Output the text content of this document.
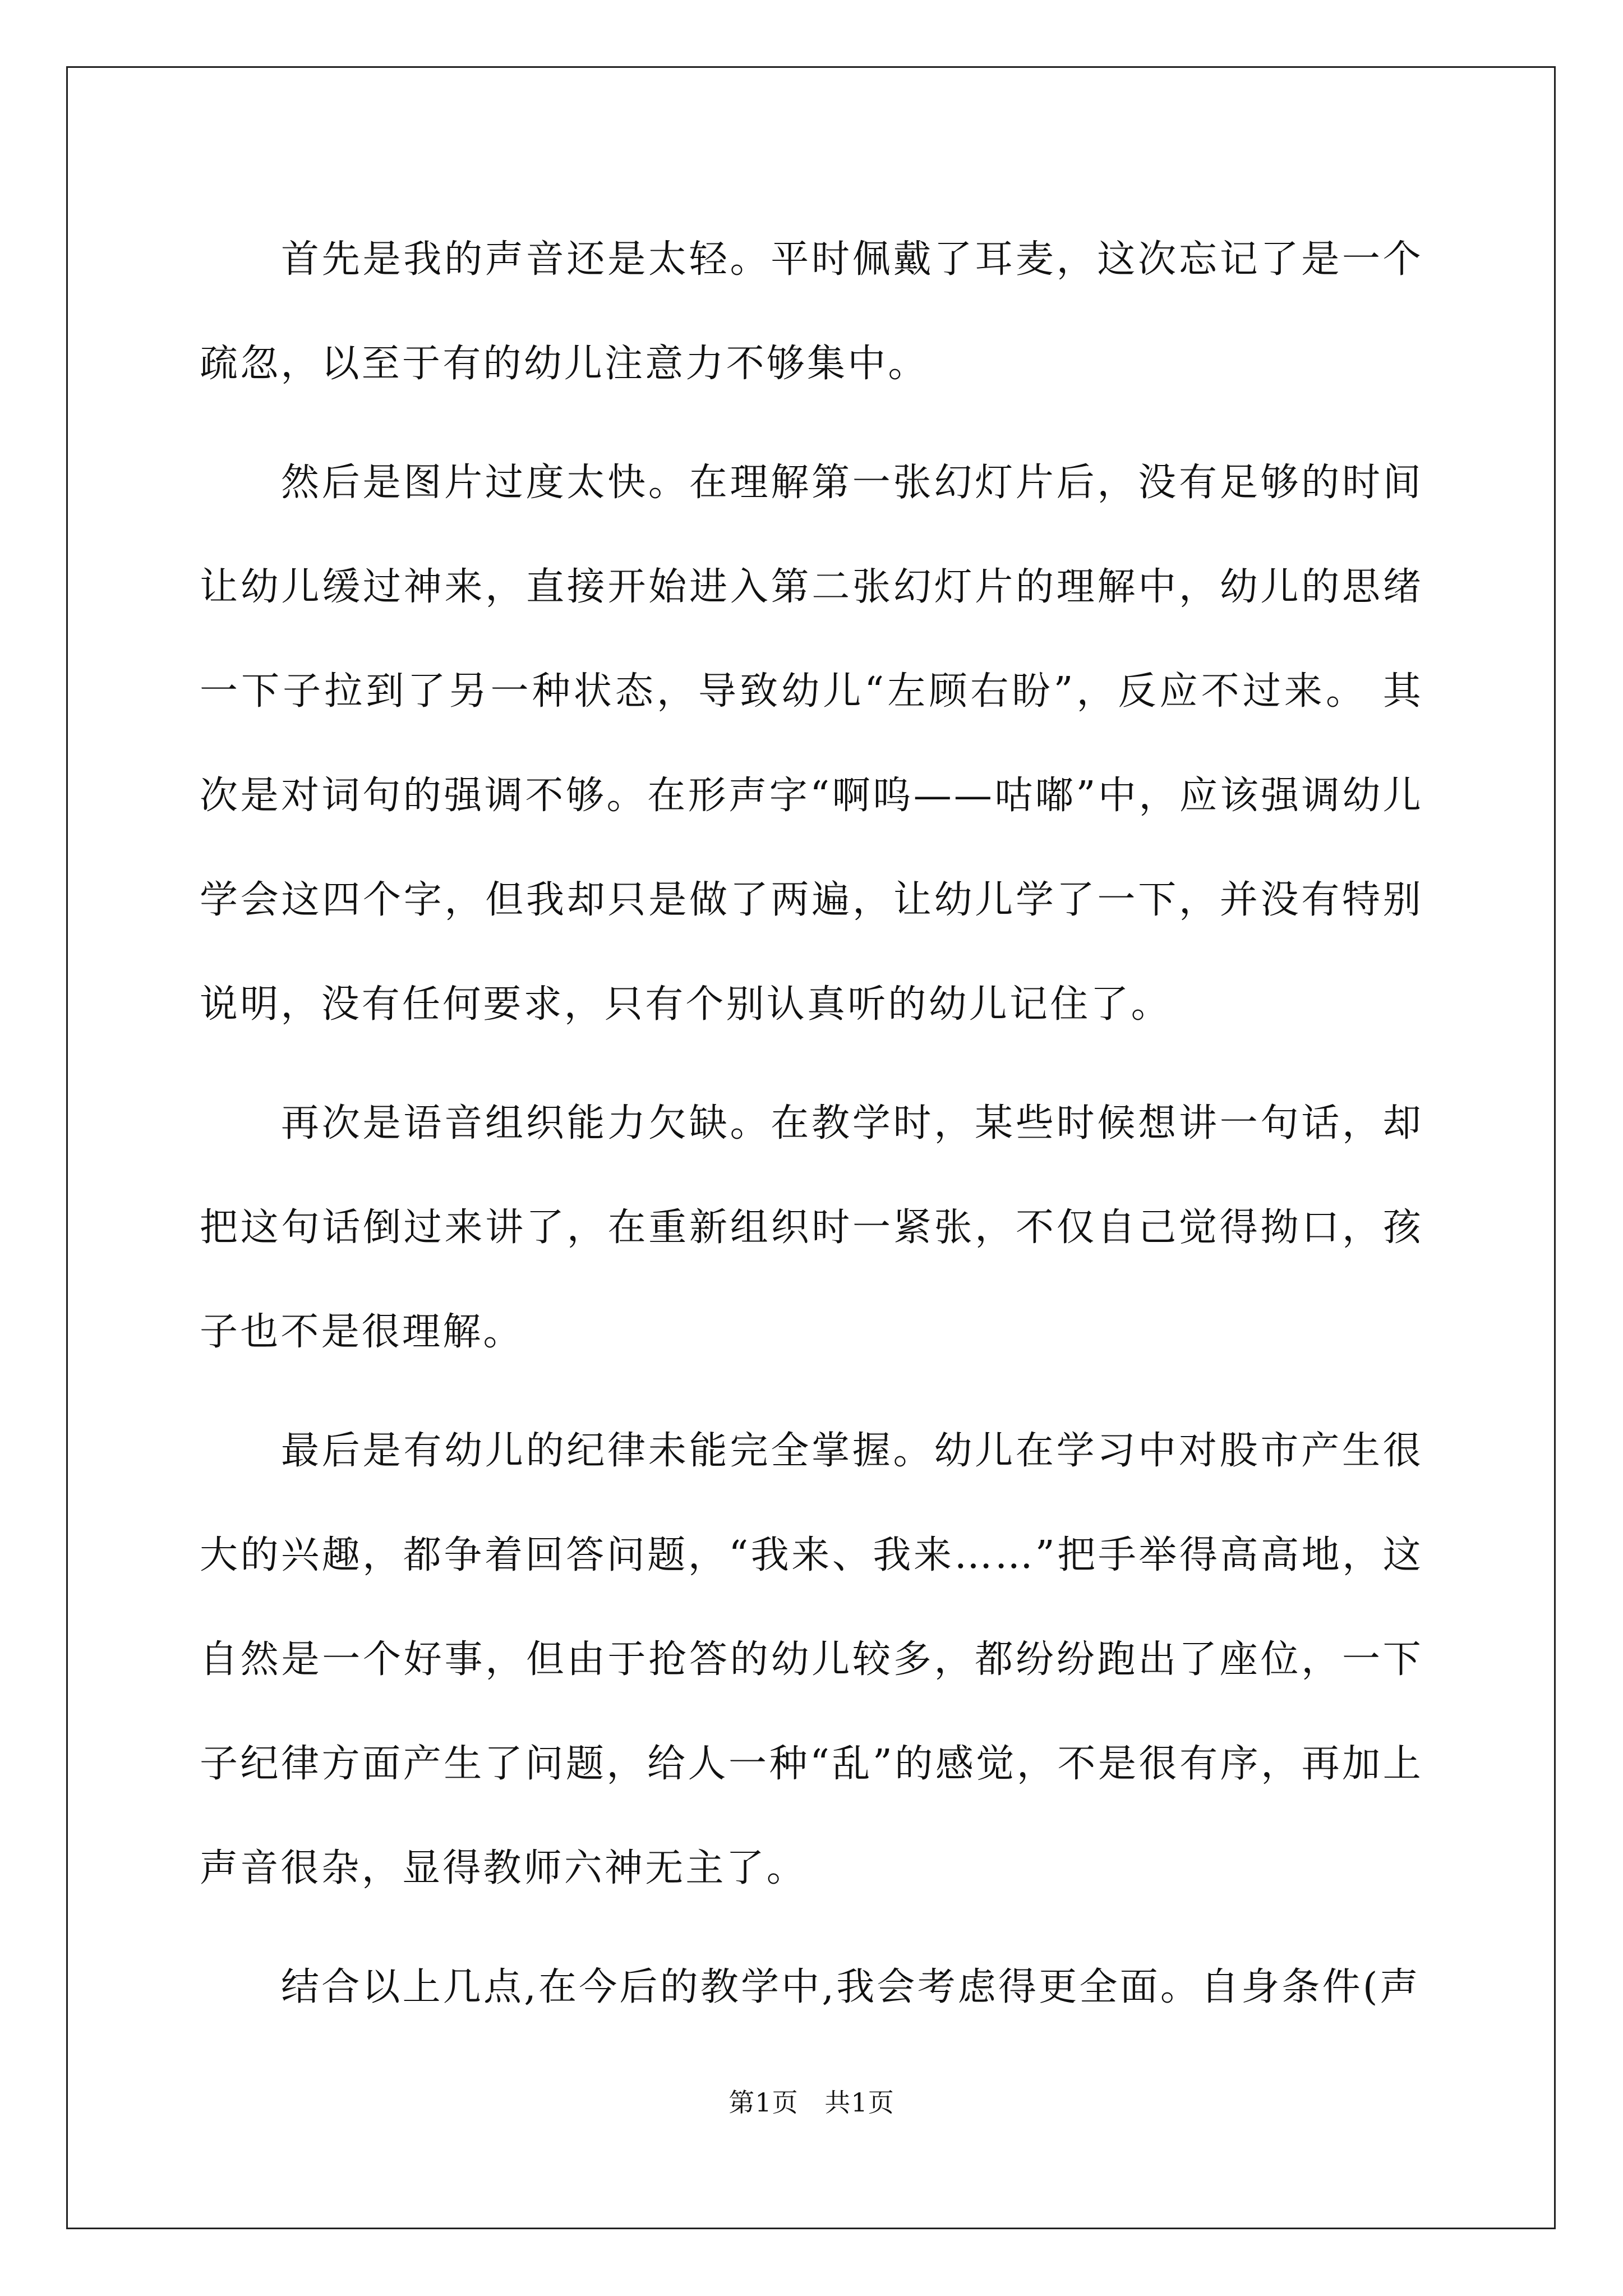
首先是我的声音还是太轻。平时佩戴了耳麦，这次忘记了是一个疏忽，以至于有的幼儿注意力不够集中。

然后是图片过度太快。在理解第一张幻灯片后，没有足够的时间让幼儿缓过神来，直接开始进入第二张幻灯片的理解中，幼儿的思绪一下子拉到了另一种状态，导致幼儿“左顾右盼”，反应不过来。 其次是对词句的强调不够。在形声字“啊呜——咕嘟”中，应该强调幼儿学会这四个字，但我却只是做了两遍，让幼儿学了一下，并没有特别说明，没有任何要求，只有个别认真听的幼儿记住了。

再次是语音组织能力欠缺。在教学时，某些时候想讲一句话，却把这句话倒过来讲了，在重新组织时一紧张，不仅自己觉得拗口，孩子也不是很理解。

最后是有幼儿的纪律未能完全掌握。幼儿在学习中对股市产生很大的兴趣，都争着回答问题，“我来、我来……”把手举得高高地，这自然是一个好事，但由于抢答的幼儿较多，都纷纷跑出了座位，一下子纪律方面产生了问题，给人一种“乱”的感觉，不是很有序，再加上声音很杂，显得教师六神无主了。

结合以上几点,在今后的教学中,我会考虑得更全面。自身条件(声

第1页   共1页
